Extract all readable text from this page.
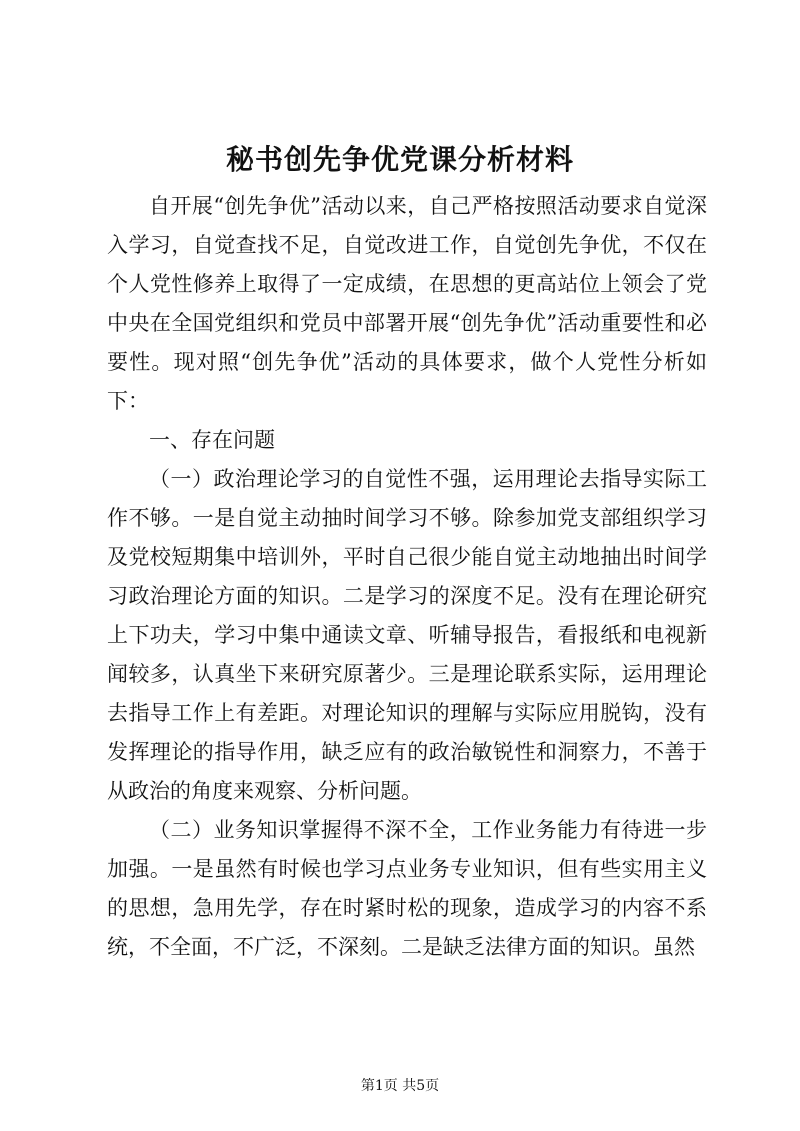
秘书创先争优党课分析材料

自开展“创先争优”活动以来，自己严格按照活动要求自觉深入学习，自觉查找不足，自觉改进工作，自觉创先争优，不仅在个人党性修养上取得了一定成绩，在思想的更高站位上领会了党中央在全国党组织和党员中部署开展“创先争优”活动重要性和必要性。现对照“创先争优”活动的具体要求，做个人党性分析如下：

一、存在问题

（一）政治理论学习的自觉性不强，运用理论去指导实际工作不够。一是自觉主动抽时间学习不够。除参加党支部组织学习及党校短期集中培训外，平时自己很少能自觉主动地抽出时间学习政治理论方面的知识。二是学习的深度不足。没有在理论研究上下功夫，学习中集中通读文章、听辅导报告，看报纸和电视新闻较多，认真坐下来研究原著少。三是理论联系实际，运用理论去指导工作上有差距。对理论知识的理解与实际应用脱钩，没有发挥理论的指导作用，缺乏应有的政治敏锐性和洞察力，不善于从政治的角度来观察、分析问题。

（二）业务知识掌握得不深不全，工作业务能力有待进一步加强。一是虽然有时候也学习点业务专业知识，但有些实用主义的思想，急用先学，存在时紧时松的现象，造成学习的内容不系统，不全面，不广泛，不深刻。二是缺乏法律方面的知识。虽然

第1页 共5页
